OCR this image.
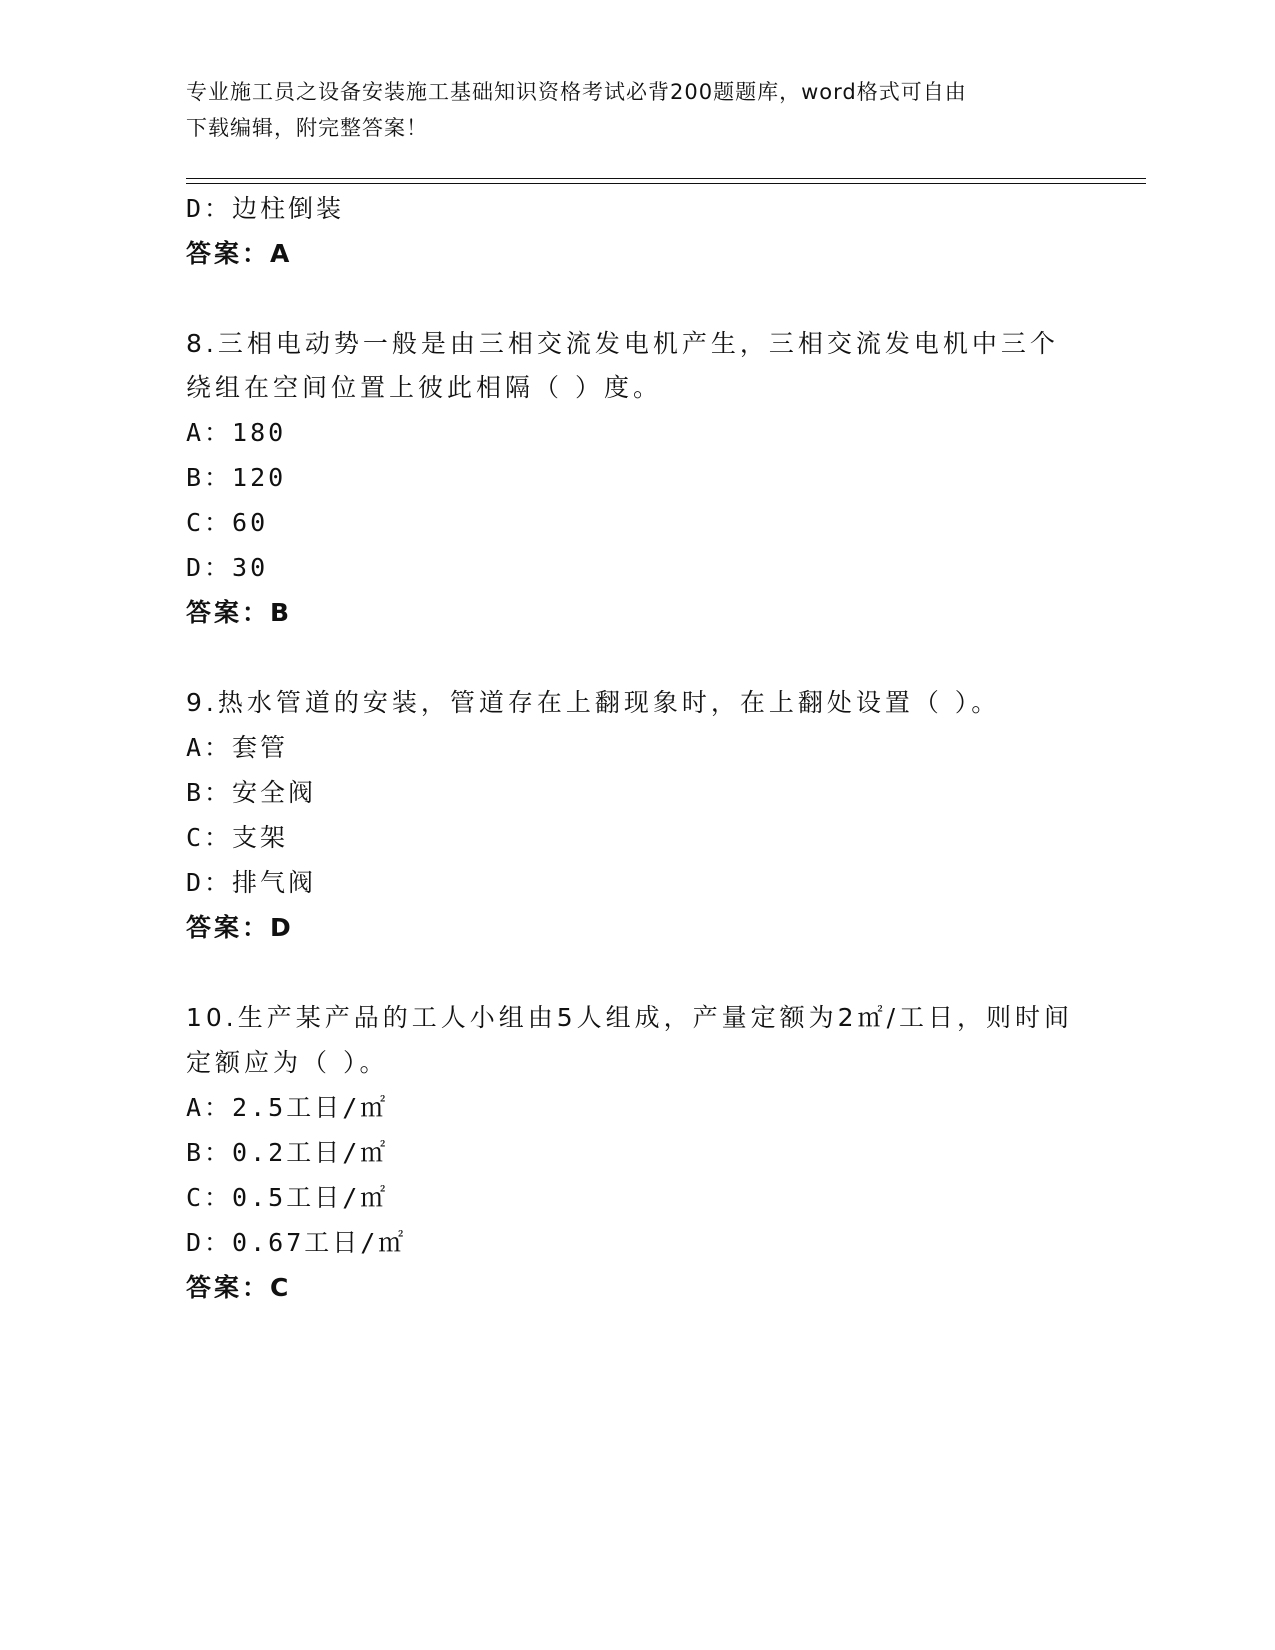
专业施工员之设备安装施工基础知识资格考试必背200题题库，word格式可自由
下载编辑，附完整答案！
D：边柱倒装
答案：A
8.三相电动势一般是由三相交流发电机产生，三相交流发电机中三个
绕组在空间位置上彼此相隔（ ）度。
A：180
B：120
C：60
D：30
答案：B
9.热水管道的安装，管道存在上翻现象时，在上翻处设置（ ）。
A：套管
B：安全阀
C：支架
D：排气阀
答案：D
10.生产某产品的工人小组由5人组成，产量定额为2㎡/工日，则时间
定额应为（ ）。
A：2.5工日/㎡
B：0.2工日/㎡
C：0.5工日/㎡
D：0.67工日/㎡
答案：C
